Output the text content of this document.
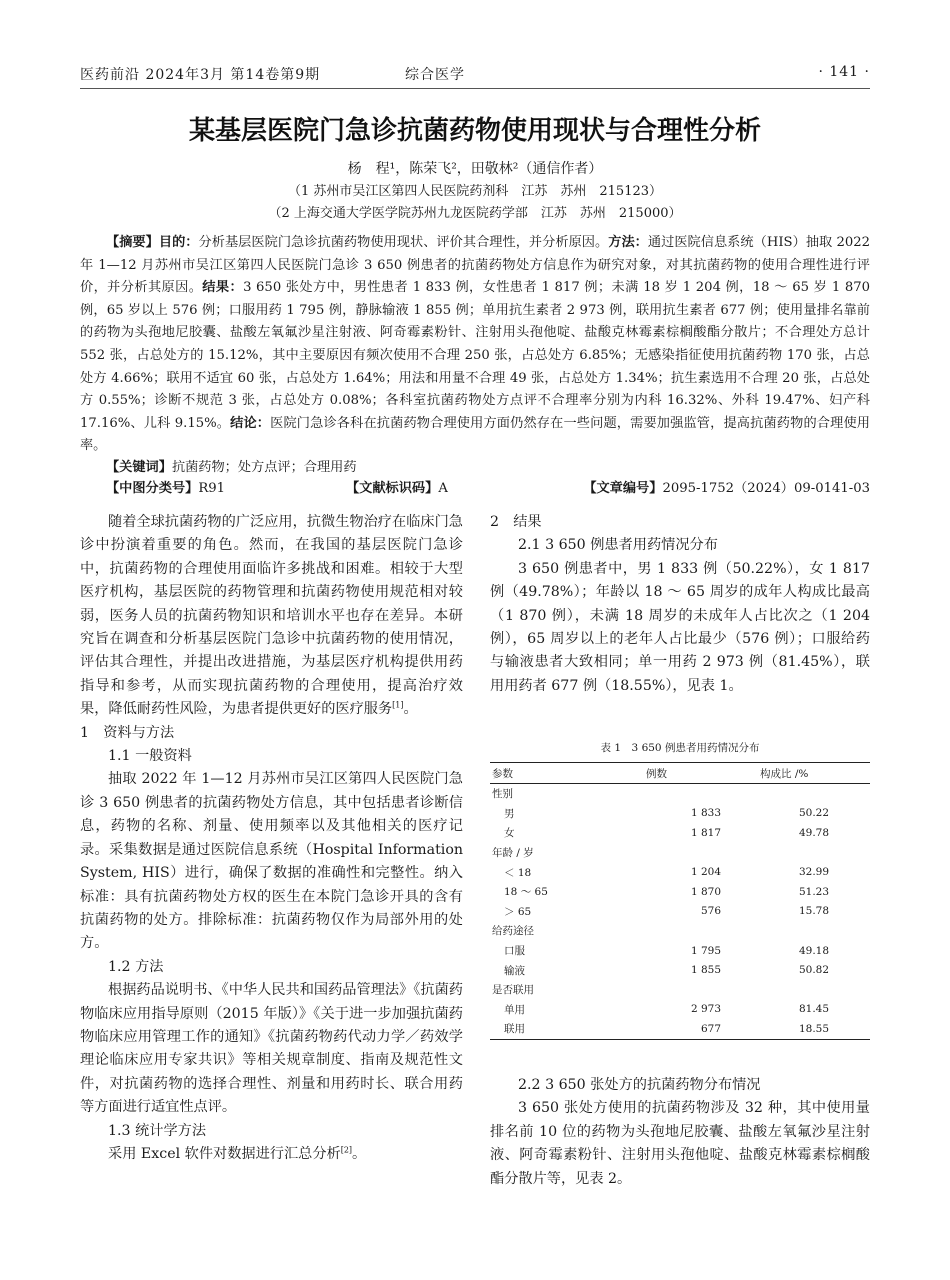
医药前沿 2024年3月 第14卷第9期	综合医学	· 141 ·
某基层医院门急诊抗菌药物使用现状与合理性分析
杨　程¹，陈荣飞²，田敬林²（通信作者）
（1 苏州市吴江区第四人民医院药剂科　江苏　苏州　215123）
（2 上海交通大学医学院苏州九龙医院药学部　江苏　苏州　215000）
【摘要】目的：分析基层医院门急诊抗菌药物使用现状、评价其合理性，并分析原因。方法：通过医院信息系统（HIS）抽取 2022 年 1—12 月苏州市吴江区第四人民医院门急诊 3 650 例患者的抗菌药物处方信息作为研究对象，对其抗菌药物的使用合理性进行评价，并分析其原因。结果：3 650 张处方中，男性患者 1 833 例，女性患者 1 817 例；未满 18 岁 1 204 例，18 ～ 65 岁 1 870 例，65 岁以上 576 例；口服用药 1 795 例，静脉输液 1 855 例；单用抗生素者 2 973 例，联用抗生素者 677 例；使用量排名靠前的药物为头孢地尼胶囊、盐酸左氧氟沙星注射液、阿奇霉素粉针、注射用头孢他啶、盐酸克林霉素棕榈酸酯分散片；不合理处方总计 552 张，占总处方的 15.12%，其中主要原因有频次使用不合理 250 张，占总处方 6.85%；无感染指征使用抗菌药物 170 张，占总处方 4.66%；联用不适宜 60 张，占总处方 1.64%；用法和用量不合理 49 张，占总处方 1.34%；抗生素选用不合理 20 张，占总处方 0.55%；诊断不规范 3 张，占总处方 0.08%；各科室抗菌药物处方点评不合理率分别为内科 16.32%、外科 19.47%、妇产科 17.16%、儿科 9.15%。结论：医院门急诊各科在抗菌药物合理使用方面仍然存在一些问题，需要加强监管，提高抗菌药物的合理使用率。
【关键词】抗菌药物；处方点评；合理用药
【中图分类号】R91	【文献标识码】A	【文章编号】2095-1752（2024）09-0141-03

随着全球抗菌药物的广泛应用，抗微生物治疗在临床门急诊中扮演着重要的角色。然而，在我国的基层医院门急诊中，抗菌药物的合理使用面临许多挑战和困难。相较于大型医疗机构，基层医院的药物管理和抗菌药物使用规范相对较弱，医务人员的抗菌药物知识和培训水平也存在差异。本研究旨在调查和分析基层医院门急诊中抗菌药物的使用情况，评估其合理性，并提出改进措施，为基层医疗机构提供用药指导和参考，从而实现抗菌药物的合理使用，提高治疗效果，降低耐药性风险，为患者提供更好的医疗服务[1]。

1　资料与方法

1.1 一般资料

抽取 2022 年 1—12 月苏州市吴江区第四人民医院门急诊 3 650 例患者的抗菌药物处方信息，其中包括患者诊断信息，药物的名称、剂量、使用频率以及其他相关的医疗记录。采集数据是通过医院信息系统（Hospital Information System, HIS）进行，确保了数据的准确性和完整性。纳入标准：具有抗菌药物处方权的医生在本院门急诊开具的含有抗菌药物的处方。排除标准：抗菌药物仅作为局部外用的处方。

1.2 方法

根据药品说明书、《中华人民共和国药品管理法》《抗菌药物临床应用指导原则（2015 年版）》《关于进一步加强抗菌药物临床应用管理工作的通知》《抗菌药物药代动力学／药效学理论临床应用专家共识》等相关规章制度、指南及规范性文件，对抗菌药物的选择合理性、剂量和用药时长、联合用药等方面进行适宜性点评。

1.3 统计学方法

采用 Excel 软件对数据进行汇总分析[2]。

2　结果

2.1 3 650 例患者用药情况分布

3 650 例患者中，男 1 833 例（50.22%），女 1 817 例（49.78%）；年龄以 18 ～ 65 周岁的成年人构成比最高（1 870 例），未满 18 周岁的未成年人占比次之（1 204 例），65 周岁以上的老年人占比最少（576 例）；口服给药与输液患者大致相同；单一用药 2 973 例（81.45%），联用用药者 677 例（18.55%），见表 1。

表 1　3 650 例患者用药情况分布
参数	例数	构成比 /%
性别		
男	1 833	50.22
女	1 817	49.78
年龄 / 岁		
＜ 18	1 204	32.99
18 ～ 65	1 870	51.23
＞ 65	576	15.78
给药途径		
口服	1 795	49.18
输液	1 855	50.82
是否联用		
单用	2 973	81.45
联用	677	18.55

2.2 3 650 张处方的抗菌药物分布情况

3 650 张处方使用的抗菌药物涉及 32 种，其中使用量排名前 10 位的药物为头孢地尼胶囊、盐酸左氧氟沙星注射液、阿奇霉素粉针、注射用头孢他啶、盐酸克林霉素棕榈酸酯分散片等，见表 2。
